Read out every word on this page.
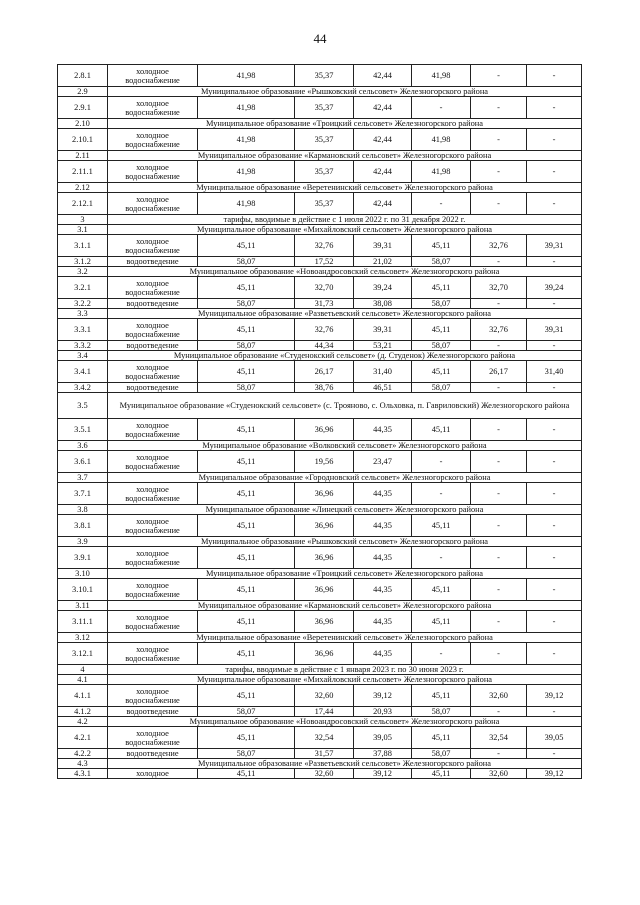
44
2.8.1	холодное водоснабжение	41,98	35,37	42,44	41,98	-	-
2.9	Муниципальное образование «Рышковский сельсовет» Железногорского района						
2.9.1	холодное водоснабжение	41,98	35,37	42,44	-	-	-
2.10	Муниципальное образование «Троицкий сельсовет» Железногорского района						
2.10.1	холодное водоснабжение	41,98	35,37	42,44	41,98	-	-
2.11	Муниципальное образование «Кармановский сельсовет» Железногорского района						
2.11.1	холодное водоснабжение	41,98	35,37	42,44	41,98	-	-
2.12	Муниципальное образование «Веретенинский сельсовет» Железногорского района						
2.12.1	холодное водоснабжение	41,98	35,37	42,44	-	-	-
3	тарифы, вводимые в действие с 1 июля 2022 г. по 31 декабря 2022 г.						
3.1	Муниципальное образование «Михайловский сельсовет» Железногорского района						
3.1.1	холодное водоснабжение	45,11	32,76	39,31	45,11	32,76	39,31
3.1.2	водоотведение	58,07	17,52	21,02	58,07	-	-
3.2	Муниципальное образование «Новоандросовский сельсовет» Железногорского района						
3.2.1	холодное водоснабжение	45,11	32,70	39,24	45,11	32,70	39,24
3.2.2	водоотведение	58,07	31,73	38,08	58,07	-	-
3.3	Муниципальное образование «Разветьевский сельсовет» Железногорского района						
3.3.1	холодное водоснабжение	45,11	32,76	39,31	45,11	32,76	39,31
3.3.2	водоотведение	58,07	44,34	53,21	58,07	-	-
3.4	Муниципальное образование «Студенокский сельсовет» (д. Студенок) Железногорского района						
3.4.1	холодное водоснабжение	45,11	26,17	31,40	45,11	26,17	31,40
3.4.2	водоотведение	58,07	38,76	46,51	58,07	-	-
3.5	Муниципальное образование «Студенокский сельсовет» (с. Трояново, с. Ольховка, п. Гавриловский) Железногорского района						
3.5.1	холодное водоснабжение	45,11	36,96	44,35	45,11	-	-
3.6	Муниципальное образование «Волковский сельсовет» Железногорского района						
3.6.1	холодное водоснабжение	45,11	19,56	23,47	-	-	-
3.7	Муниципальное образование «Городновский сельсовет» Железногорского района						
3.7.1	холодное водоснабжение	45,11	36,96	44,35	-	-	-
3.8	Муниципальное образование «Линецкий сельсовет» Железногорского района						
3.8.1	холодное водоснабжение	45,11	36,96	44,35	45,11	-	-
3.9	Муниципальное образование «Рышковский сельсовет» Железногорского района						
3.9.1	холодное водоснабжение	45,11	36,96	44,35	-	-	-
3.10	Муниципальное образование «Троицкий сельсовет» Железногорского района						
3.10.1	холодное водоснабжение	45,11	36,96	44,35	45,11	-	-
3.11	Муниципальное образование «Кармановский сельсовет» Железногорского района						
3.11.1	холодное водоснабжение	45,11	36,96	44,35	45,11	-	-
3.12	Муниципальное образование «Веретенинский сельсовет» Железногорского района						
3.12.1	холодное водоснабжение	45,11	36,96	44,35	-	-	-
4	тарифы, вводимые в действие с 1 января 2023 г. по 30 июня 2023 г.						
4.1	Муниципальное образование «Михайловский сельсовет» Железногорского района						
4.1.1	холодное водоснабжение	45,11	32,60	39,12	45,11	32,60	39,12
4.1.2	водоотведение	58,07	17,44	20,93	58,07	-	-
4.2	Муниципальное образование «Новоандросовский сельсовет» Железногорского района						
4.2.1	холодное водоснабжение	45,11	32,54	39,05	45,11	32,54	39,05
4.2.2	водоотведение	58,07	31,57	37,88	58,07	-	-
4.3	Муниципальное образование «Разветьевский сельсовет» Железногорского района						
4.3.1	холодное	45,11	32,60	39,12	45,11	32,60	39,12
